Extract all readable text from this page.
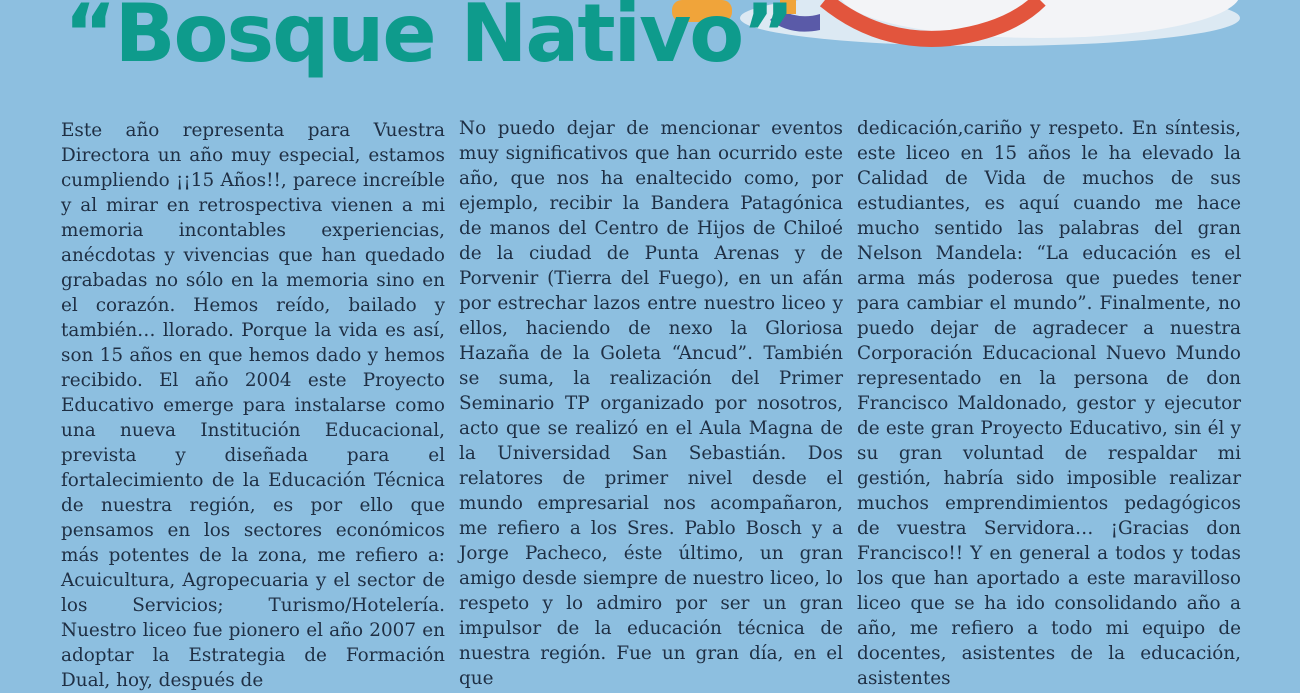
“Bosque Nativo”

Este año representa para Vuestra Directora un año muy especial, estamos cumpliendo ¡¡15 Años!!, parece increíble y al mirar en retrospectiva vienen a mi memoria incontables experiencias, anécdotas y vivencias que han quedado grabadas no sólo en la memoria sino en el corazón. Hemos reído, bailado y también… llorado. Porque la vida es así, son 15 años en que hemos dado y hemos recibido. El año 2004 este Proyecto Educativo emerge para instalarse como una nueva Institución Educacional, prevista y diseñada para el fortalecimiento de la Educación Técnica de nuestra región, es por ello que pensamos en los sectores económicos más potentes de la zona, me refiero a: Acuicultura, Agropecuaria y el sector de los Servicios; Turismo/Hotelería. Nuestro liceo fue pionero el año 2007 en adoptar la Estrategia de Formación Dual, hoy, después de

No puedo dejar de mencionar eventos muy significativos que han ocurrido este año, que nos ha enaltecido como, por ejemplo, recibir la Bandera Patagónica de manos del Centro de Hijos de Chiloé de la ciudad de Punta Arenas y de Porvenir (Tierra del Fuego), en un afán por estrechar lazos entre nuestro liceo y ellos, haciendo de nexo la Gloriosa Hazaña de la Goleta “Ancud”. También se suma, la realización del Primer Seminario TP organizado por nosotros, acto que se realizó en el Aula Magna de la Universidad San Sebastián. Dos relatores de primer nivel desde el mundo empresarial nos acompañaron, me refiero a los Sres. Pablo Bosch y a Jorge Pacheco, éste último, un gran amigo desde siempre de nuestro liceo, lo respeto y lo admiro por ser un gran impulsor de la educación técnica de nuestra región. Fue un gran día, en el que

dedicación,cariño y respeto. En síntesis, este liceo en 15 años le ha elevado la Calidad de Vida de muchos de sus estudiantes, es aquí cuando me hace mucho sentido las palabras del gran Nelson Mandela: “La educación es el arma más poderosa que puedes tener para cambiar el mundo”. Finalmente, no puedo dejar de agradecer a nuestra Corporación Educacional Nuevo Mundo representado en la persona de don Francisco Maldonado, gestor y ejecutor de este gran Proyecto Educativo, sin él y su gran voluntad de respaldar mi gestión, habría sido imposible realizar muchos emprendimientos pedagógicos de vuestra Servidora… ¡Gracias don Francisco!! Y en general a todos y todas los que han aportado a este maravilloso liceo que se ha ido consolidando año a año, me refiero a todo mi equipo de docentes, asistentes de la educación, asistentes
